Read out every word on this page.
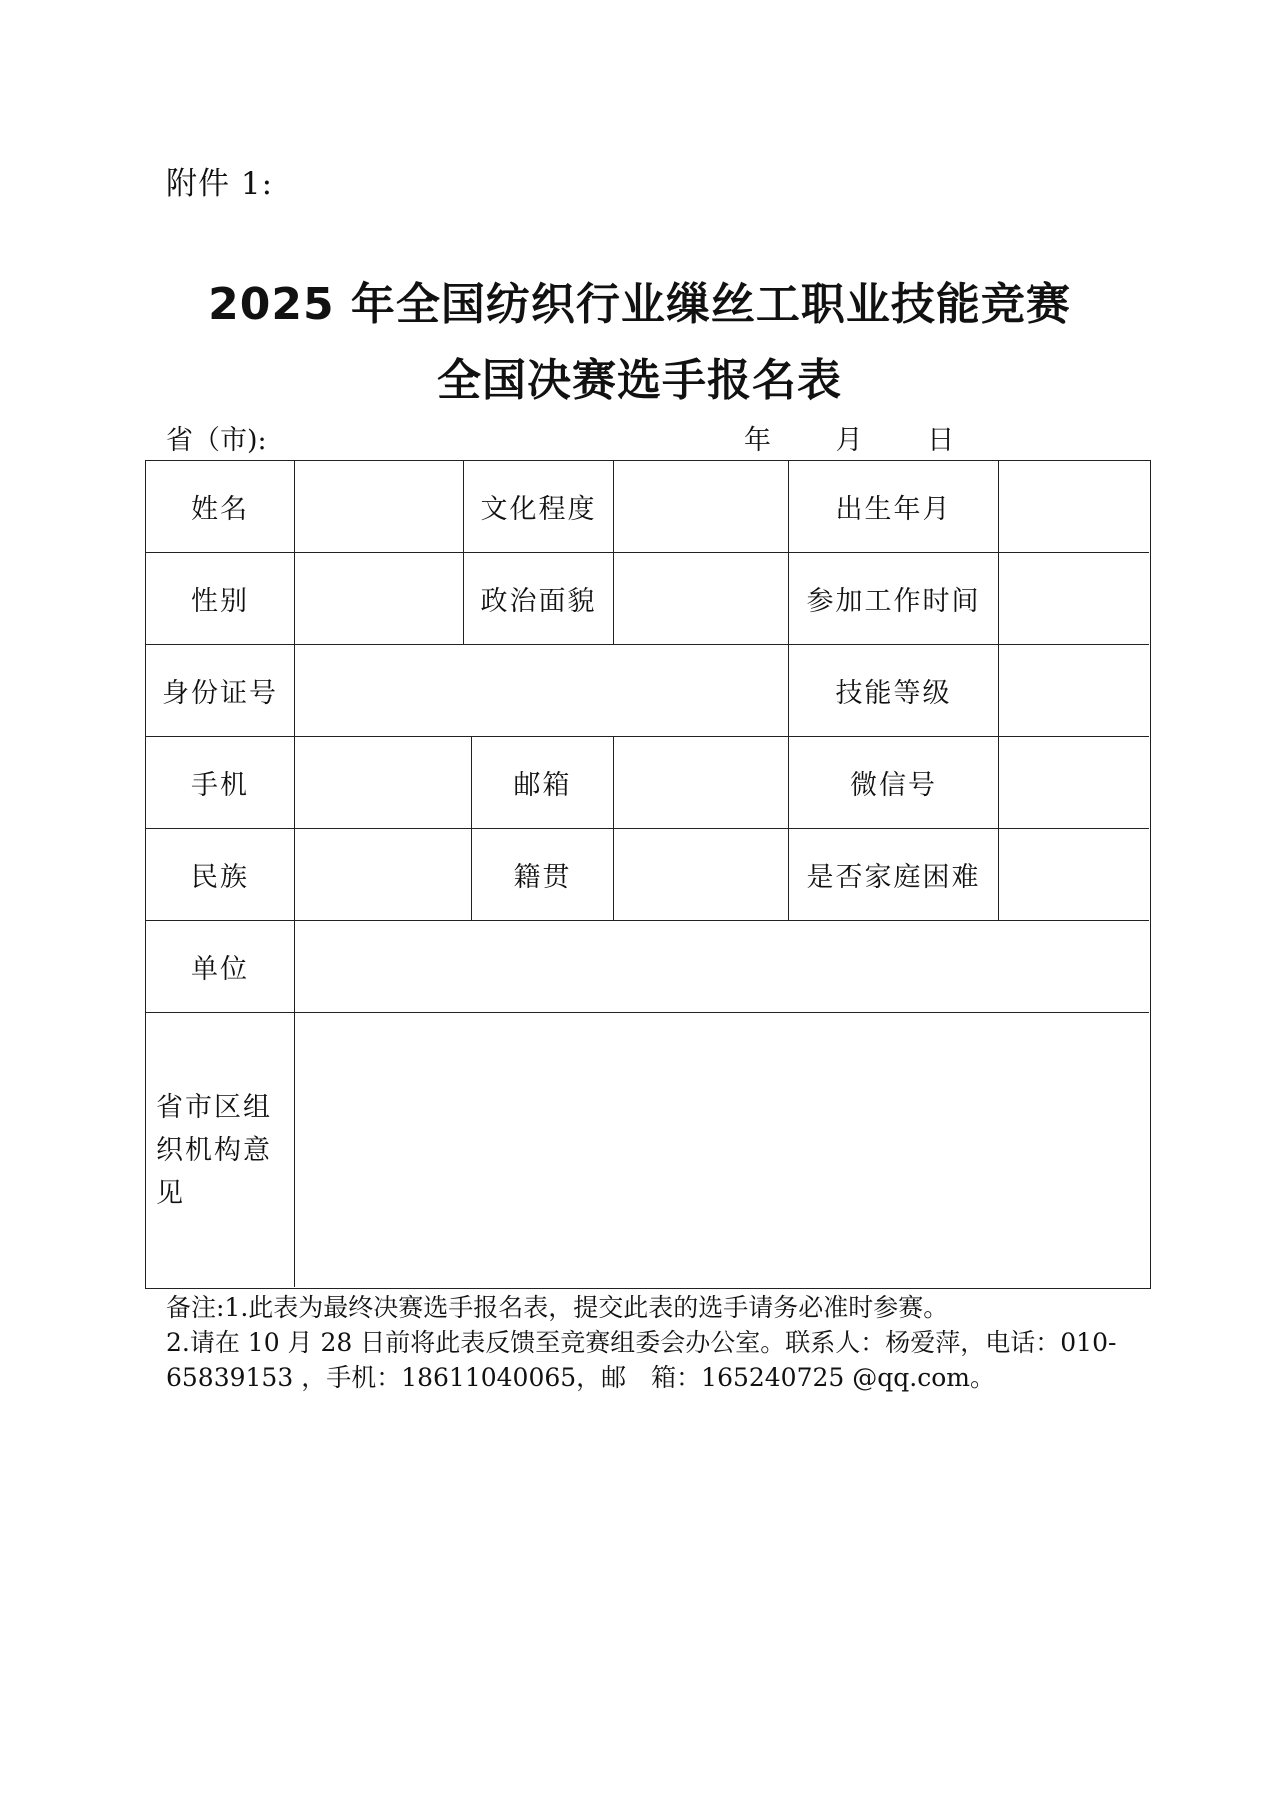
附件 1:
2025 年全国纺织行业缫丝工职业技能竞赛
全国决赛选手报名表
省（市):	年 月 日
姓名	文化程度	出生年月
性别	政治面貌	参加工作时间
身份证号	技能等级
手机	邮箱	微信号
民族	籍贯	是否家庭困难
单位
省市区组织机构意见
备注:1.此表为最终决赛选手报名表，提交此表的选手请务必准时参赛。
2.请在 10 月 28 日前将此表反馈至竞赛组委会办公室。联系人：杨爱萍，电话：010-
65839153 ，手机：18611040065，邮　箱：165240725 @qq.com。
